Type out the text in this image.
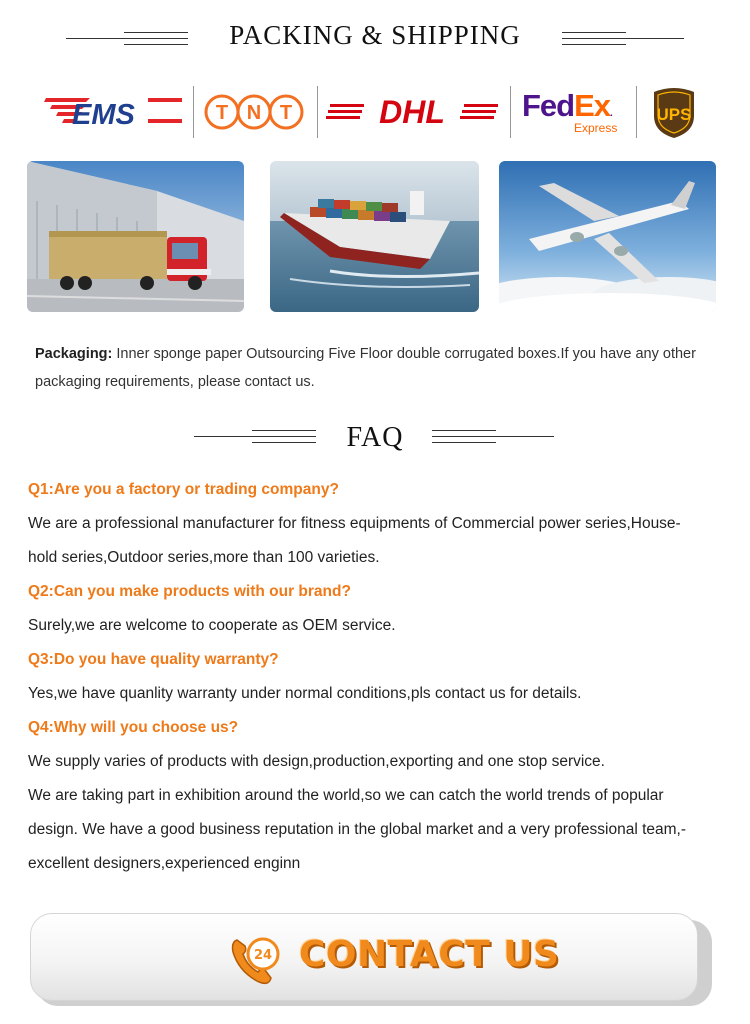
PACKING & SHIPPING
EMS	T N T	DHL FedEx.
Express
UPS
Packaging: Inner sponge paper Outsourcing Five Floor double corrugated boxes.If you have any other packaging requirements, please contact us.
FAQ
Q1:Are you a factory or trading company?
We are a professional manufacturer for fitness equipments of Commercial power series,House-
hold series,Outdoor series,more than 100 varieties.
Q2:Can you make products with our brand?
Surely,we are welcome to cooperate as OEM service.
Q3:Do you have quality warranty?
Yes,we have quanlity warranty under normal conditions,pls contact us for details.
Q4:Why will you choose us?
We supply varies of products with design,production,exporting and one stop service.
We are taking part in exhibition around the world,so we can catch the world trends of popular
design. We have a good business reputation in the global market and a very professional team,-
excellent designers,experienced enginn
24 CONTACT US
